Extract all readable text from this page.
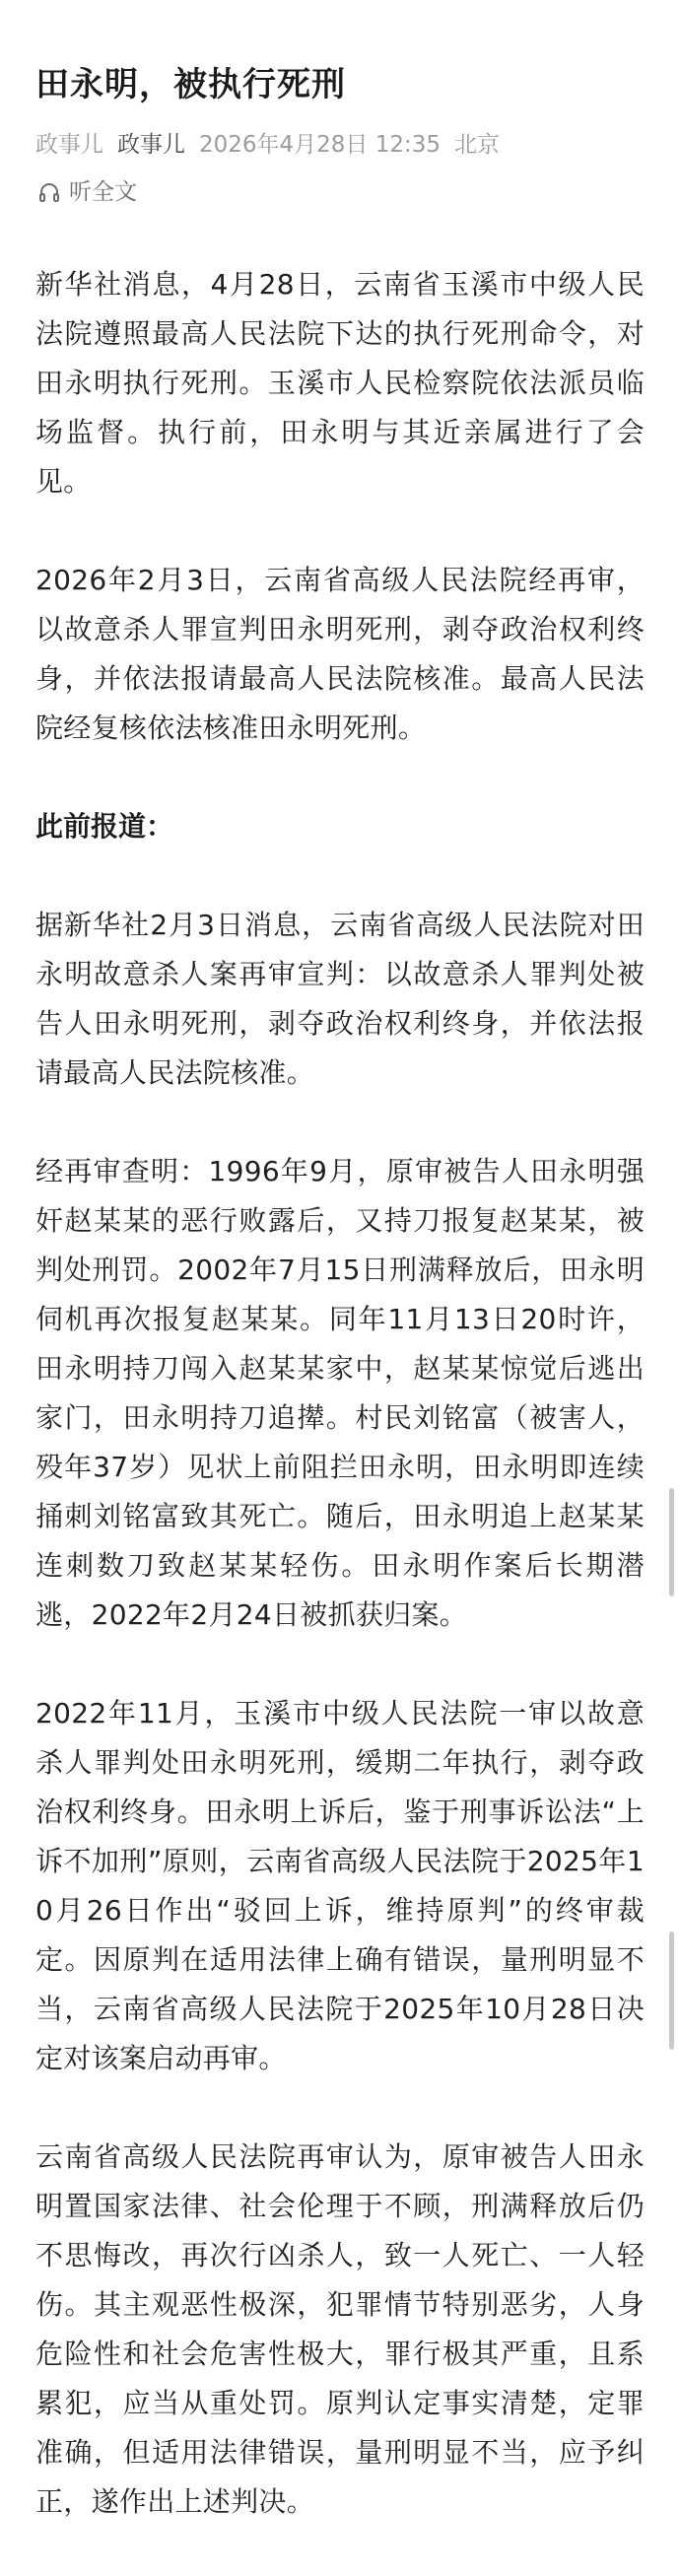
田永明，被执行死刑
政事儿 政事儿 2026年4月28日 12:35 北京
听全文

新华社消息，4月28日，云南省玉溪市中级人民法院遵照最高人民法院下达的执行死刑命令，对田永明执行死刑。玉溪市人民检察院依法派员临场监督。执行前，田永明与其近亲属进行了会见。

2026年2月3日，云南省高级人民法院经再审，以故意杀人罪宣判田永明死刑，剥夺政治权利终身，并依法报请最高人民法院核准。最高人民法院经复核依法核准田永明死刑。

此前报道：

据新华社2月3日消息，云南省高级人民法院对田永明故意杀人案再审宣判：以故意杀人罪判处被告人田永明死刑，剥夺政治权利终身，并依法报请最高人民法院核准。

经再审查明：1996年9月，原审被告人田永明强奸赵某某的恶行败露后，又持刀报复赵某某，被判处刑罚。2002年7月15日刑满释放后，田永明伺机再次报复赵某某。同年11月13日20时许，田永明持刀闯入赵某某家中，赵某某惊觉后逃出家门，田永明持刀追撵。村民刘铭富（被害人，殁年37岁）见状上前阻拦田永明，田永明即连续捅刺刘铭富致其死亡。随后，田永明追上赵某某连刺数刀致赵某某轻伤。田永明作案后长期潜逃，2022年2月24日被抓获归案。

2022年11月，玉溪市中级人民法院一审以故意杀人罪判处田永明死刑，缓期二年执行，剥夺政治权利终身。田永明上诉后，鉴于刑事诉讼法“上诉不加刑”原则，云南省高级人民法院于2025年10月26日作出“驳回上诉，维持原判”的终审裁定。因原判在适用法律上确有错误，量刑明显不当，云南省高级人民法院于2025年10月28日决定对该案启动再审。

云南省高级人民法院再审认为，原审被告人田永明置国家法律、社会伦理于不顾，刑满释放后仍不思悔改，再次行凶杀人，致一人死亡、一人轻伤。其主观恶性极深，犯罪情节特别恶劣，人身危险性和社会危害性极大，罪行极其严重，且系累犯，应当从重处罚。原判认定事实清楚，定罪准确，但适用法律错误，量刑明显不当，应予纠正，遂作出上述判决。
